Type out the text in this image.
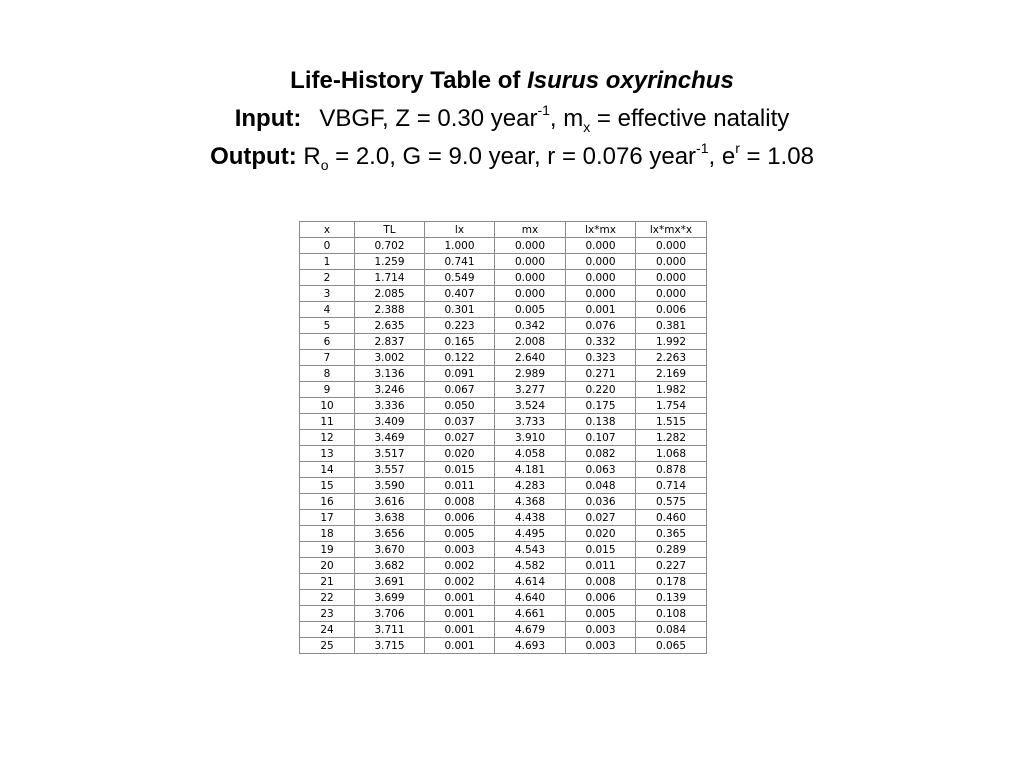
Life-History Table of Isurus oxyrinchus
Input: VBGF, Z = 0.30 year$^{-1}$, $m_x$ = effective natality
Output: $R_o = 2.0$, G = 9.0 year, r = 0.076 year$^{-1}$, $e^r = 1.08$
x	TL	lx	mx	lx*mx	lx*mx*x
0	0.702	1.000	0.000	0.000	0.000
1	1.259	0.741	0.000	0.000	0.000
2	1.714	0.549	0.000	0.000	0.000
3	2.085	0.407	0.000	0.000	0.000
4	2.388	0.301	0.005	0.001	0.006
5	2.635	0.223	0.342	0.076	0.381
6	2.837	0.165	2.008	0.332	1.992
7	3.002	0.122	2.640	0.323	2.263
8	3.136	0.091	2.989	0.271	2.169
9	3.246	0.067	3.277	0.220	1.982
10	3.336	0.050	3.524	0.175	1.754
11	3.409	0.037	3.733	0.138	1.515
12	3.469	0.027	3.910	0.107	1.282
13	3.517	0.020	4.058	0.082	1.068
14	3.557	0.015	4.181	0.063	0.878
15	3.590	0.011	4.283	0.048	0.714
16	3.616	0.008	4.368	0.036	0.575
17	3.638	0.006	4.438	0.027	0.460
18	3.656	0.005	4.495	0.020	0.365
19	3.670	0.003	4.543	0.015	0.289
20	3.682	0.002	4.582	0.011	0.227
21	3.691	0.002	4.614	0.008	0.178
22	3.699	0.001	4.640	0.006	0.139
23	3.706	0.001	4.661	0.005	0.108
24	3.711	0.001	4.679	0.003	0.084
25	3.715	0.001	4.693	0.003	0.065
